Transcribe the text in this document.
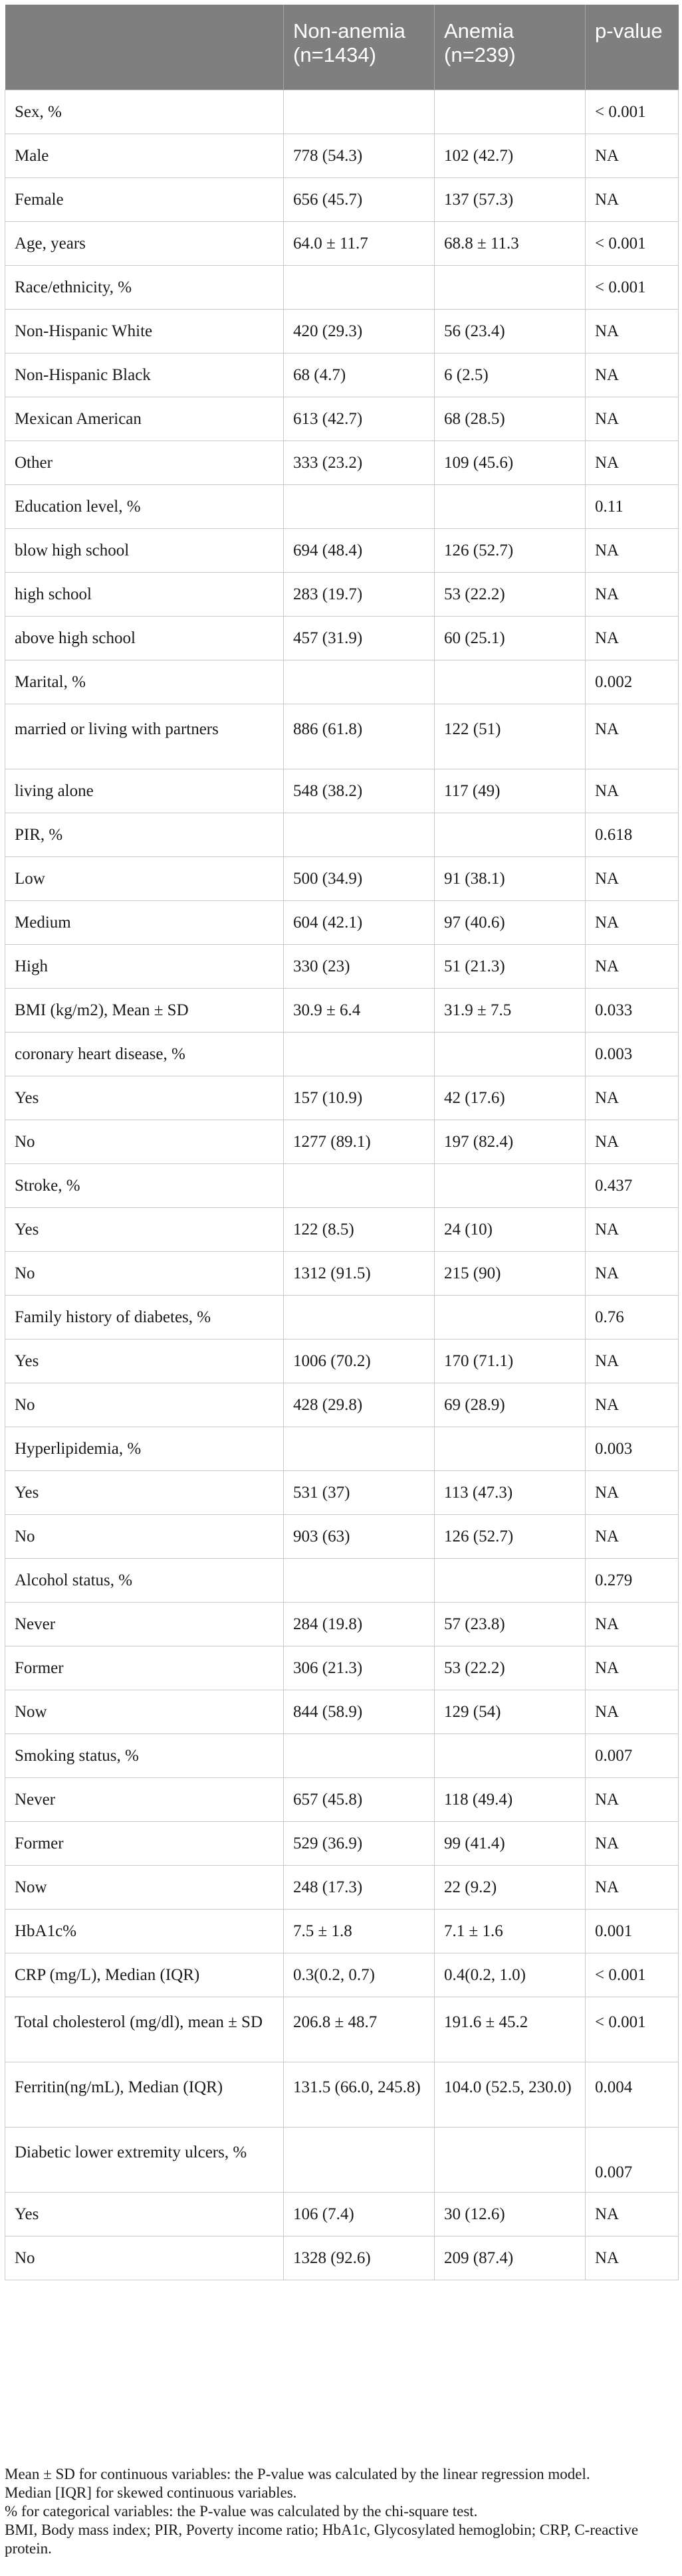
	Non-anemia (n=1434)	Anemia (n=239)	p-value
Sex, %			< 0.001
Male	778 (54.3)	102 (42.7)	NA
Female	656 (45.7)	137 (57.3)	NA
Age, years	64.0 ± 11.7	68.8 ± 11.3	< 0.001
Race/ethnicity, %			< 0.001
Non-Hispanic White	420 (29.3)	56 (23.4)	NA
Non-Hispanic Black	68 (4.7)	6 (2.5)	NA
Mexican American	613 (42.7)	68 (28.5)	NA
Other	333 (23.2)	109 (45.6)	NA
Education level, %			0.11
blow high school	694 (48.4)	126 (52.7)	NA
high school	283 (19.7)	53 (22.2)	NA
above high school	457 (31.9)	60 (25.1)	NA
Marital, %			0.002
married or living with partners	886 (61.8)	122 (51)	NA
living alone	548 (38.2)	117 (49)	NA
PIR, %			0.618
Low	500 (34.9)	91 (38.1)	NA
Medium	604 (42.1)	97 (40.6)	NA
High	330 (23)	51 (21.3)	NA
BMI (kg/m2), Mean ± SD	30.9 ± 6.4	31.9 ± 7.5	0.033
coronary heart disease, %			0.003
Yes	157 (10.9)	42 (17.6)	NA
No	1277 (89.1)	197 (82.4)	NA
Stroke, %			0.437
Yes	122 (8.5)	24 (10)	NA
No	1312 (91.5)	215 (90)	NA
Family history of diabetes, %			0.76
Yes	1006 (70.2)	170 (71.1)	NA
No	428 (29.8)	69 (28.9)	NA
Hyperlipidemia, %			0.003
Yes	531 (37)	113 (47.3)	NA
No	903 (63)	126 (52.7)	NA
Alcohol status, %			0.279
Never	284 (19.8)	57 (23.8)	NA
Former	306 (21.3)	53 (22.2)	NA
Now	844 (58.9)	129 (54)	NA
Smoking status, %			0.007
Never	657 (45.8)	118 (49.4)	NA
Former	529 (36.9)	99 (41.4)	NA
Now	248 (17.3)	22 (9.2)	NA
HbA1c%	7.5 ± 1.8	7.1 ± 1.6	0.001
CRP (mg/L), Median (IQR)	0.3(0.2, 0.7)	0.4(0.2, 1.0)	< 0.001
Total cholesterol (mg/dl), mean ± SD	206.8 ± 48.7	191.6 ± 45.2	< 0.001
Ferritin(ng/mL), Median (IQR)	131.5 (66.0, 245.8)	104.0 (52.5, 230.0)	0.004
Diabetic lower extremity ulcers, %			0.007
Yes	106 (7.4)	30 (12.6)	NA
No	1328 (92.6)	209 (87.4)	NA

Mean ± SD for continuous variables: the P-value was calculated by the linear regression model.

Median [IQR] for skewed continuous variables.

% for categorical variables: the P-value was calculated by the chi-square test.

BMI, Body mass index; PIR, Poverty income ratio; HbA1c, Glycosylated hemoglobin; CRP, C-reactive protein.
